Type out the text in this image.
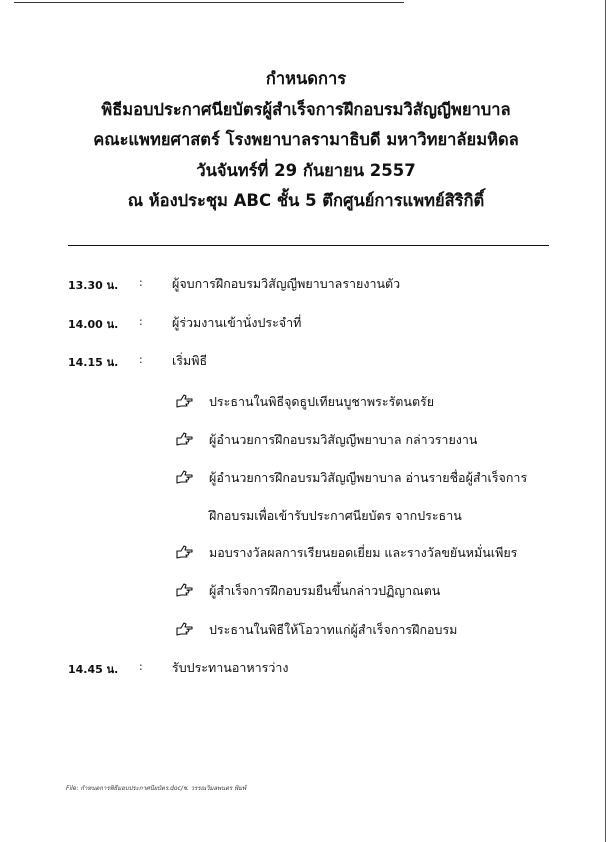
กำหนดการ
พิธีมอบประกาศนียบัตรผู้สำเร็จการฝึกอบรมวิสัญญีพยาบาล
คณะแพทยศาสตร์ โรงพยาบาลรามาธิบดี มหาวิทยาลัยมหิดล
วันจันทร์ที่ 29 กันยายน 2557
ณ ห้องประชุม ABC ชั้น 5 ตึกศูนย์การแพทย์สิริกิติ์
13.30 น. : ผู้จบการฝึกอบรมวิสัญญีพยาบาลรายงานตัว
14.00 น. : ผู้ร่วมงานเข้านั่งประจำที่
14.15 น. : เริ่มพิธี
ประธานในพิธีจุดธูปเทียนบูชาพระรัตนตรัย
ผู้อำนวยการฝึกอบรมวิสัญญีพยาบาล กล่าวรายงาน
ผู้อำนวยการฝึกอบรมวิสัญญีพยาบาล อ่านรายชื่อผู้สำเร็จการ
ฝึกอบรมเพื่อเข้ารับประกาศนียบัตร จากประธาน
มอบรางวัลผลการเรียนยอดเยี่ยม และรางวัลขยันหมั่นเพียร
ผู้สำเร็จการฝึกอบรมยืนขึ้นกล่าวปฏิญาณตน
ประธานในพิธีให้โอวาทแก่ผู้สำเร็จการฝึกอบรม
14.45 น. : รับประทานอาหารว่าง
File: กำหนดการพิธีมอบประกาศนียบัตร.doc/ช. วรรณวิมลพนดร พิมพ์
